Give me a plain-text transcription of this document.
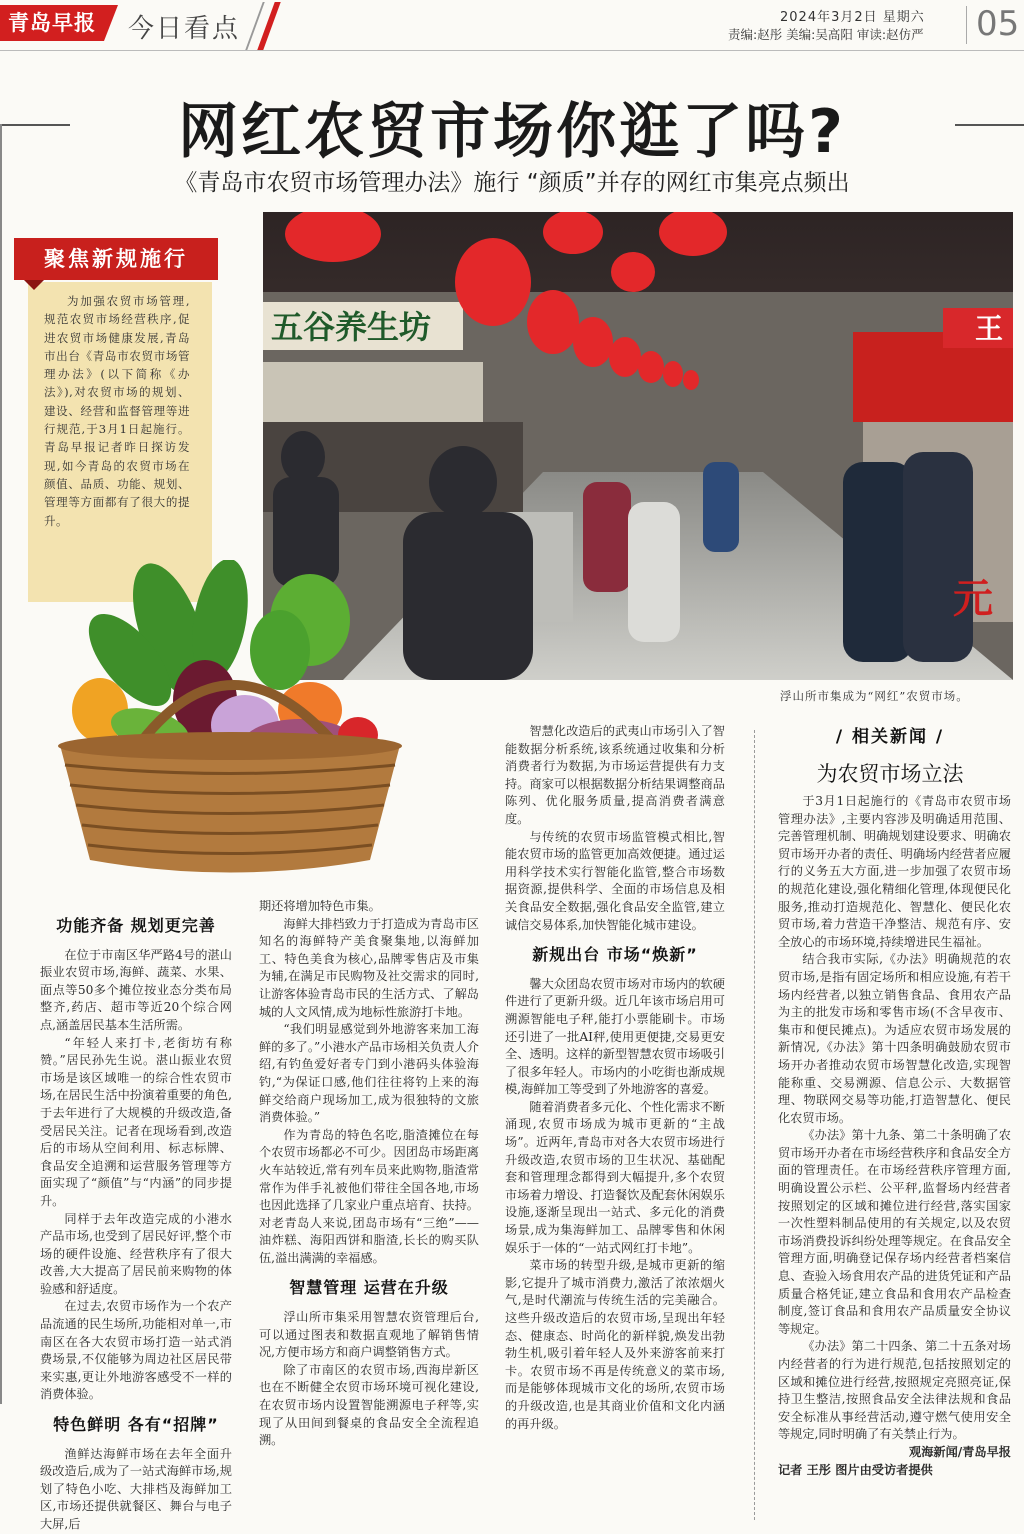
青岛早报	今日看点	2024年3月2日 星期六
责编:赵彤 美编:吴高阳 审读:赵仿严 05
网红农贸市场你逛了吗?
《青岛市农贸市场管理办法》施行 “颜质”并存的网红市集亮点频出
五谷养生坊	王
元
浮山所市集成为“网红”农贸市场。
聚焦新规施行
为加强农贸市场管理,规范农贸市场经营秩序,促进农贸市场健康发展,青岛市出台《青岛市农贸市场管理办法》(以下简称《办法》),对农贸市场的规划、建设、经营和监督管理等进行规范,于3月1日起施行。青岛早报记者昨日探访发现,如今青岛的农贸市场在颜值、品质、功能、规划、管理等方面都有了很大的提升。
功能齐备 规划更完善

在位于市南区华严路4号的湛山振业农贸市场,海鲜、蔬菜、水果、面点等50多个摊位按业态分类布局整齐,药店、超市等近20个综合网点,涵盖居民基本生活所需。

“年轻人来打卡,老街坊有称赞。”居民孙先生说。湛山振业农贸市场是该区域唯一的综合性农贸市场,在居民生活中扮演着重要的角色,于去年进行了大规模的升级改造,备受居民关注。记者在现场看到,改造后的市场从空间利用、标志标牌、食品安全追溯和运营服务管理等方面实现了“颜值”与“内涵”的同步提升。

同样于去年改造完成的小港水产品市场,也受到了居民好评,整个市场的硬件设施、经营秩序有了很大改善,大大提高了居民前来购物的体验感和舒适度。

在过去,农贸市场作为一个农产品流通的民生场所,功能相对单一,市南区在各大农贸市场打造一站式消费场景,不仅能够为周边社区居民带来实惠,更让外地游客感受不一样的消费体验。

特色鲜明 各有“招牌”

渔鲜达海鲜市场在去年全面升级改造后,成为了一站式海鲜市场,规划了特色小吃、大排档及海鲜加工区,市场还提供就餐区、舞台与电子大屏,后

期还将增加特色市集。

海鲜大排档致力于打造成为青岛市区知名的海鲜特产美食聚集地,以海鲜加工、特色美食为核心,品牌零售店及市集为辅,在满足市民购物及社交需求的同时,让游客体验青岛市民的生活方式、了解岛城的人文风情,成为地标性旅游打卡地。

“我们明显感觉到外地游客来加工海鲜的多了。”小港水产品市场相关负责人介绍,有钓鱼爱好者专门到小港码头体验海钓,“为保证口感,他们往往将钓上来的海鲜交给商户现场加工,成为很独特的文旅消费体验。”

作为青岛的特色名吃,脂渣摊位在每个农贸市场都必不可少。因团岛市场距离火车站较近,常有列车员来此购物,脂渣常常作为伴手礼被他们带往全国各地,市场也因此选择了几家业户重点培育、扶持。对老青岛人来说,团岛市场有“三绝”——油炸糕、海阳西饼和脂渣,长长的购买队伍,溢出满满的幸福感。

智慧管理 运营在升级

浮山所市集采用智慧农资管理后台,可以通过图表和数据直观地了解销售情况,方便市场方和商户调整销售方式。

除了市南区的农贸市场,西海岸新区也在不断健全农贸市场环境可视化建设,在农贸市场内设置智能溯源电子秤等,实现了从田间到餐桌的食品安全全流程追溯。

智慧化改造后的武夷山市场引入了智能数据分析系统,该系统通过收集和分析消费者行为数据,为市场运营提供有力支持。商家可以根据数据分析结果调整商品陈列、优化服务质量,提高消费者满意度。

与传统的农贸市场监管模式相比,智能农贸市场的监管更加高效便捷。通过运用科学技术实行智能化监管,整合市场数据资源,提供科学、全面的市场信息及相关食品安全数据,强化食品安全监管,建立诚信交易体系,加快智能化城市建设。

新规出台 市场“焕新”

馨大众团岛农贸市场对市场内的软硬件进行了更新升级。近几年该市场启用可溯源智能电子秤,能打小票能刷卡。市场还引进了一批AI秤,使用更便捷,交易更安全、透明。这样的新型智慧农贸市场吸引了很多年轻人。市场内的小吃街也渐成规模,海鲜加工等受到了外地游客的喜爱。

随着消费者多元化、个性化需求不断涌现,农贸市场成为城市更新的“主战场”。近两年,青岛市对各大农贸市场进行升级改造,农贸市场的卫生状况、基础配套和管理理念都得到大幅提升,多个农贸市场着力增设、打造餐饮及配套休闲娱乐设施,逐渐呈现出一站式、多元化的消费场景,成为集海鲜加工、品牌零售和休闲娱乐于一体的“一站式网红打卡地”。

菜市场的转型升级,是城市更新的缩影,它提升了城市消费力,激活了浓浓烟火气,是时代潮流与传统生活的完美融合。这些升级改造后的农贸市场,呈现出年轻态、健康态、时尚化的新样貌,焕发出勃勃生机,吸引着年轻人及外来游客前来打卡。农贸市场不再是传统意义的菜市场,而是能够体现城市文化的场所,农贸市场的升级改造,也是其商业价值和文化内涵的再升级。

/ 相关新闻 /
为农贸市场立法

于3月1日起施行的《青岛市农贸市场管理办法》,主要内容涉及明确适用范围、完善管理机制、明确规划建设要求、明确农贸市场开办者的责任、明确场内经营者应履行的义务五大方面,进一步加强了农贸市场的规范化建设,强化精细化管理,体现便民化服务,推动打造规范化、智慧化、便民化农贸市场,着力营造干净整洁、规范有序、安全放心的市场环境,持续增进民生福祉。

结合我市实际,《办法》明确规范的农贸市场,是指有固定场所和相应设施,有若干场内经营者,以独立销售食品、食用农产品为主的批发市场和零售市场(不含早夜市、集市和便民摊点)。为适应农贸市场发展的新情况,《办法》第十四条明确鼓励农贸市场开办者推动农贸市场智慧化改造,实现智能称重、交易溯源、信息公示、大数据管理、物联网交易等功能,打造智慧化、便民化农贸市场。

《办法》第十九条、第二十条明确了农贸市场开办者在市场经营秩序和食品安全方面的管理责任。在市场经营秩序管理方面,明确设置公示栏、公平秤,监督场内经营者按照划定的区域和摊位进行经营,落实国家一次性塑料制品使用的有关规定,以及农贸市场消费投诉纠纷处理等规定。在食品安全管理方面,明确登记保存场内经营者档案信息、查验入场食用农产品的进货凭证和产品质量合格凭证,建立食品和食用农产品检查制度,签订食品和食用农产品质量安全协议等规定。

《办法》第二十四条、第二十五条对场内经营者的行为进行规范,包括按照划定的区域和摊位进行经营,按照规定亮照亮证,保持卫生整洁,按照食品安全法律法规和食品安全标准从事经营活动,遵守燃气使用安全等规定,同时明确了有关禁止行为。

观海新闻/青岛早报

记者 王彤 图片由受访者提供
